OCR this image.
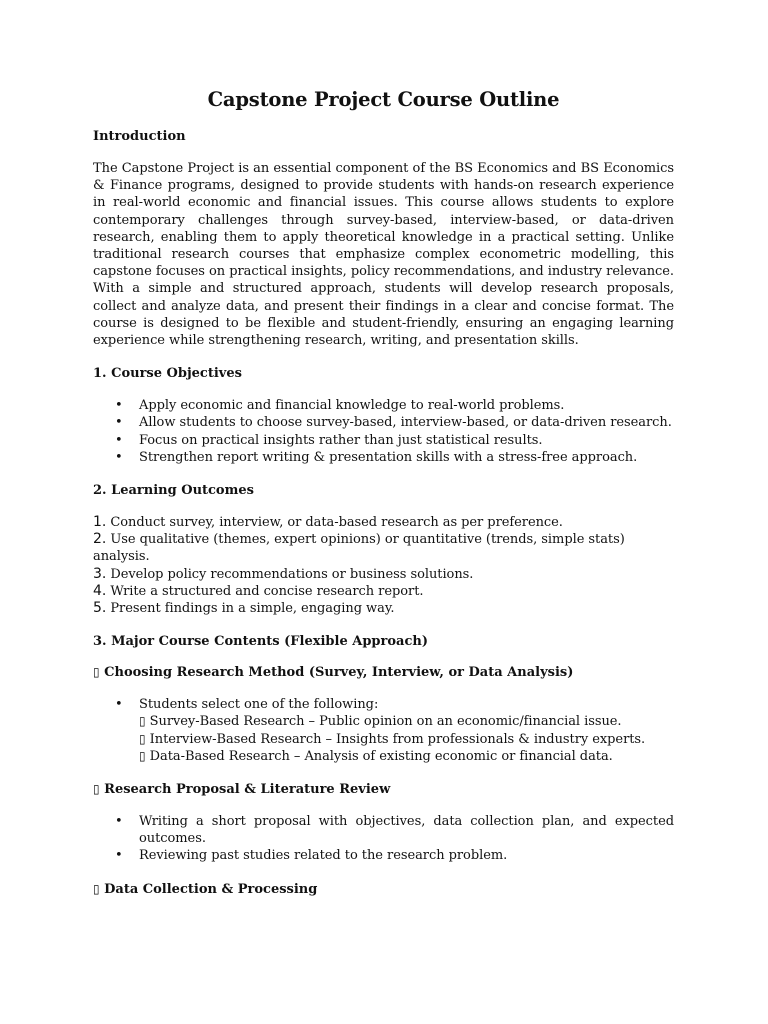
Capstone Project Course Outline
Introduction

The Capstone Project is an essential component of the BS Economics and BS Economics & Finance programs, designed to provide students with hands-on research experience in real-world economic and financial issues. This course allows students to explore contemporary challenges through survey-based, interview-based, or data-driven research, enabling them to apply theoretical knowledge in a practical setting. Unlike traditional research courses that emphasize complex econometric modelling, this capstone focuses on practical insights, policy recommendations, and industry relevance. With a simple and structured approach, students will develop research proposals, collect and analyze data, and present their findings in a clear and concise format. The course is designed to be flexible and student-friendly, ensuring an engaging learning experience while strengthening research, writing, and presentation skills.

1. Course Objectives
• Apply economic and financial knowledge to real-world problems.
• Allow students to choose survey-based, interview-based, or data-driven research.
• Focus on practical insights rather than just statistical results.
• Strengthen report writing & presentation skills with a stress-free approach.
2. Learning Outcomes
1. Conduct survey, interview, or data-based research as per preference.
2. Use qualitative (themes, expert opinions) or quantitative (trends, simple stats) analysis.
3. Develop policy recommendations or business solutions.
4. Write a structured and concise research report.
5. Present findings in a simple, engaging way.
3. Major Course Contents (Flexible Approach)
▯ Choosing Research Method (Survey, Interview, or Data Analysis)
• Students select one of the following:
▯ Survey-Based Research – Public opinion on an economic/financial issue.
▯ Interview-Based Research – Insights from professionals & industry experts.
▯ Data-Based Research – Analysis of existing economic or financial data.
▯ Research Proposal & Literature Review
• Writing a short proposal with objectives, data collection plan, and expected outcomes.
• Reviewing past studies related to the research problem.
▯ Data Collection & Processing
